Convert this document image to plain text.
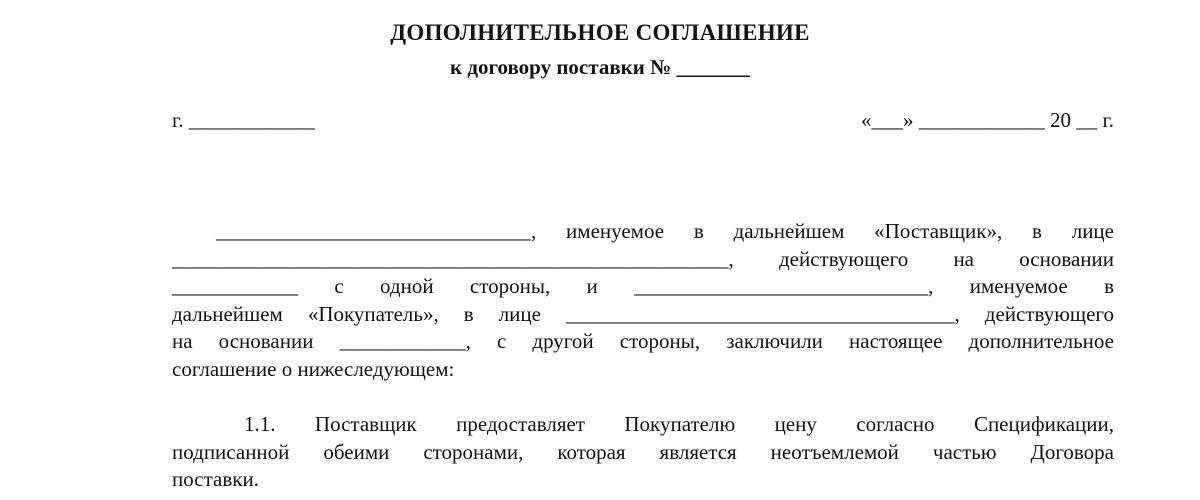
ДОПОЛНИТЕЛЬНОЕ СОГЛАШЕНИЕ
к договору поставки № _______
г. ____________	«___» ____________ 20 __ г.
______________________________, именуемое в дальнейшем «Поставщик», в лице
_____________________________________________________, действующего на основании
____________ с одной стороны, и ____________________________, именуемое в
дальнейшем «Покупатель», в лице _____________________________________, действующего
на основании ____________, с другой стороны, заключили настоящее дополнительное
соглашение о нижеследующем:
1.1. Поставщик предоставляет Покупателю цену согласно Спецификации,
подписанной обеими сторонами, которая является неотъемлемой частью Договора
поставки.
